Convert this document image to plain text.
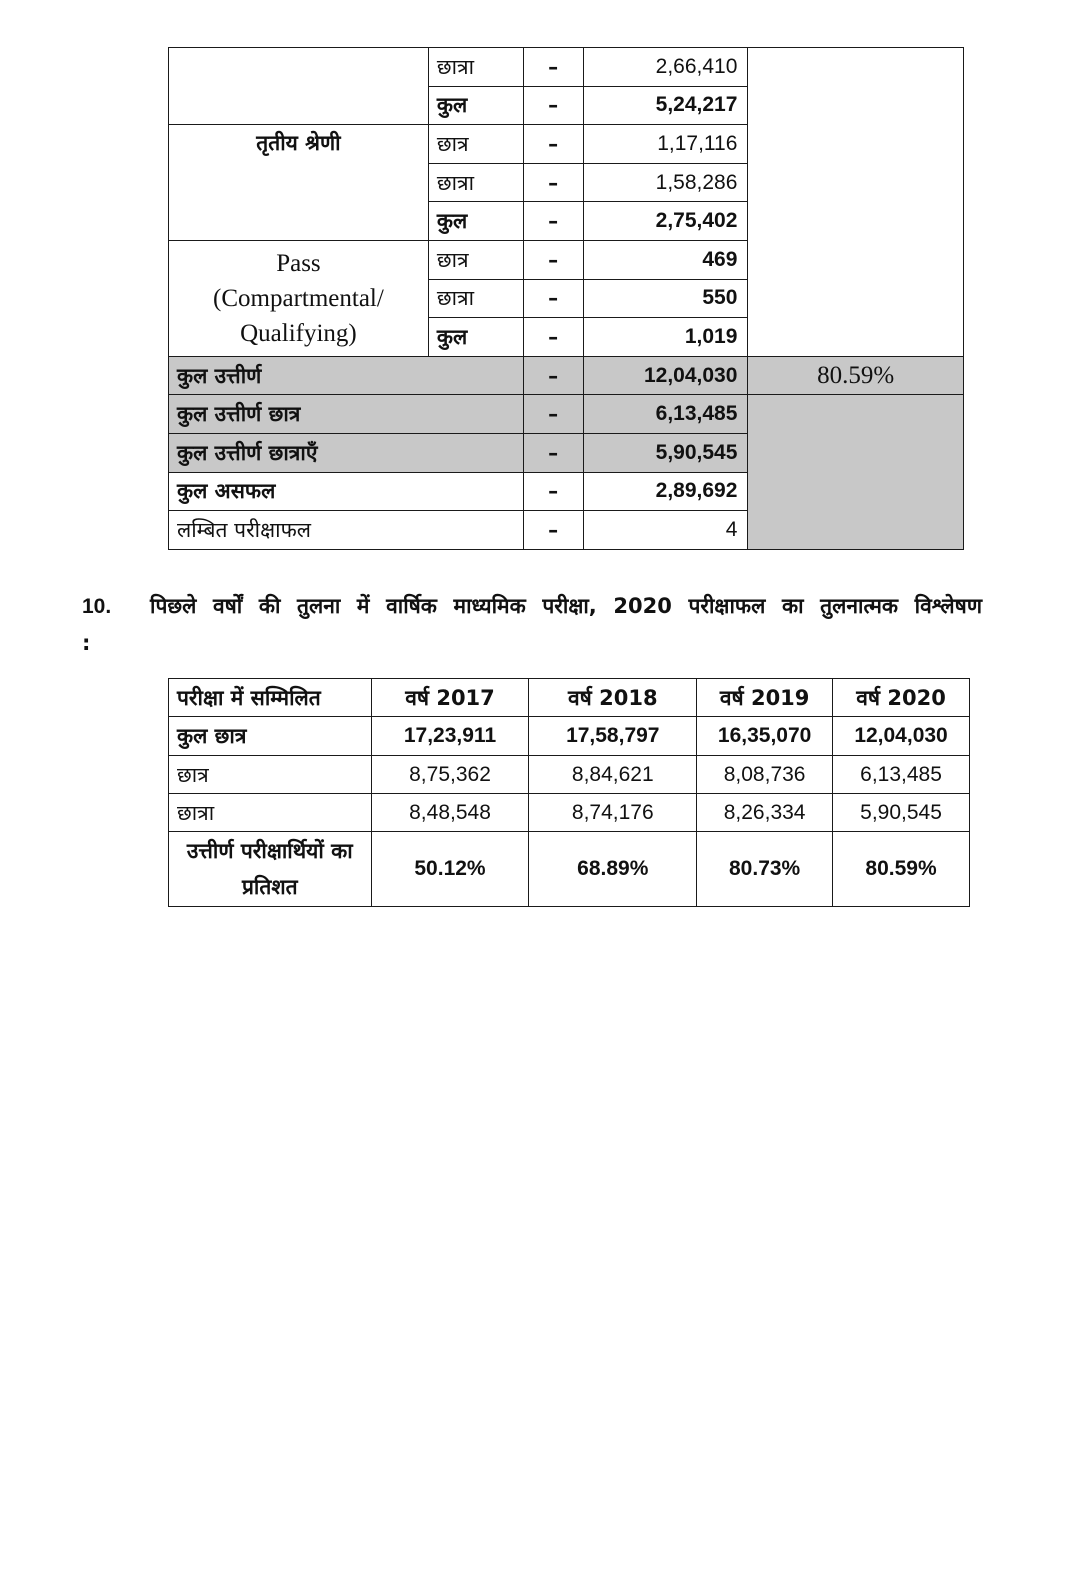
	छात्रा	–	2,66,410	
	कुल	–	5,24,217	
तृतीय श्रेणी	छात्र	–	1,17,116	
	छात्रा	–	1,58,286	
	कुल	–	2,75,402	
Pass (Compartmental/ Qualifying)	छात्र	–	469	
	छात्रा	–	550	
	कुल	–	1,019	
कुल उत्तीर्ण		–	12,04,030	80.59%
कुल उत्तीर्ण छात्र		–	6,13,485	
कुल उत्तीर्ण छात्राएँ		–	5,90,545	
कुल असफल		–	2,89,692	
लम्बित परीक्षाफल		–	4	
10. पिछले वर्षों की तुलना में वार्षिक माध्यमिक परीक्षा, 2020 परीक्षाफल का तुलनात्मक विश्लेषण :
परीक्षा में सम्मिलित	वर्ष 2017	वर्ष 2018	वर्ष 2019	वर्ष 2020
कुल छात्र	17,23,911	17,58,797	16,35,070	12,04,030
छात्र	8,75,362	8,84,621	8,08,736	6,13,485
छात्रा	8,48,548	8,74,176	8,26,334	5,90,545
उत्तीर्ण परीक्षार्थियों का प्रतिशत	50.12%	68.89%	80.73%	80.59%
